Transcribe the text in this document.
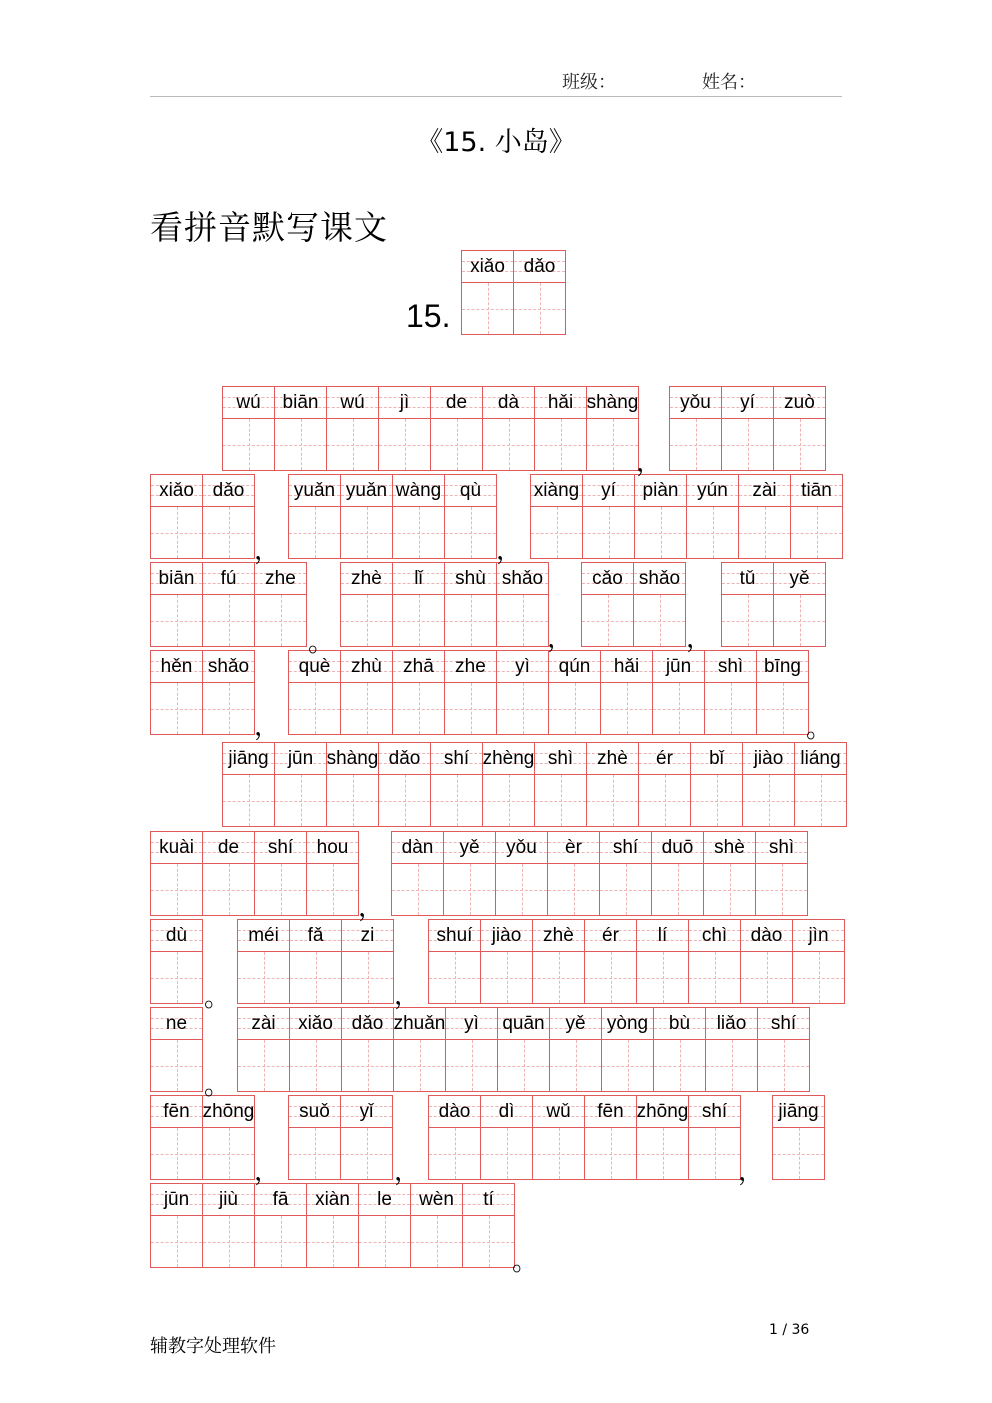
班级：	姓名：
《15. 小岛》
看拼音默写课文
15.
xiǎo dǎo
wú biān wú jì de dà hǎi shàng yǒu yí zuò
xiǎo dǎo	yuǎn yuǎn wàng qù	xiàng yí piàn yún zài tiān
biān fú zhe	zhè lǐ shù shǎo	cǎo shǎo	tǔ yě
hěn shǎo	què zhù zhā zhe yì qún hǎi jūn shì bīng
jiāng jūn shàng dǎo shí zhèng shì zhè ér bǐ jiào liáng
kuài de shí hou	dàn yě yǒu èr shí duō shè shì
dù	méi fǎ zi	shuí jiào zhè ér lí chì dào jìn
ne	zài xiǎo dǎo zhuǎn yì quān yě yòng bù liǎo shí
fēn zhōng suǒ yǐ	dào dì wǔ fēn zhōng shí	jiāng
jūn jiù fā xiàn le wèn tí
，
，	，
。	，	，
，	。
，
。	，
。
，	，	，
。
辅教字处理软件
1 / 36
